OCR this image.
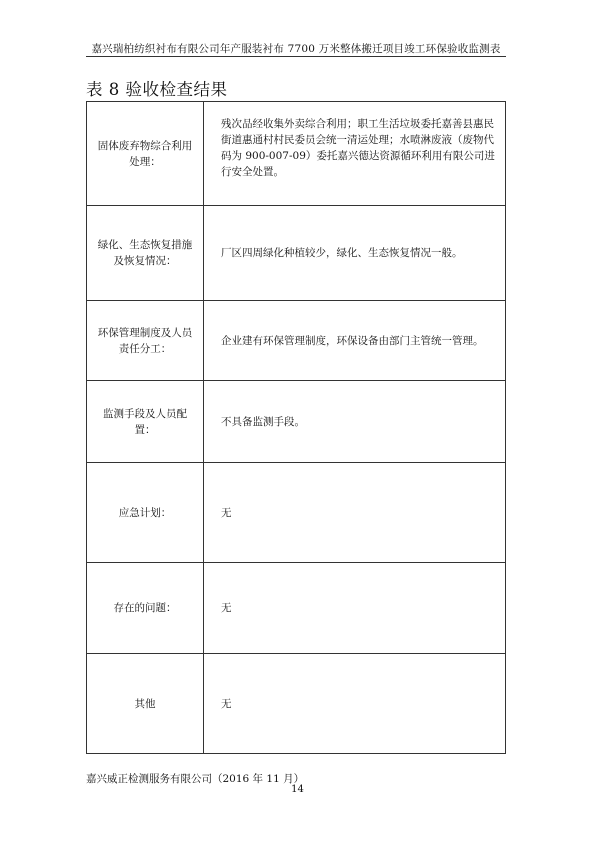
嘉兴瑞柏纺织衬布有限公司年产服装衬布 7700 万米整体搬迁项目竣工环保验收监测表
表 8 验收检查结果
固体废弃物综合利用处理：	残次品经收集外卖综合利用；职工生活垃圾委托嘉善县惠民街道惠通村村民委员会统一清运处理；水喷淋废液（废物代码为 900-007-09）委托嘉兴德达资源循环利用有限公司进行安全处置。
绿化、生态恢复措施及恢复情况：	厂区四周绿化种植较少，绿化、生态恢复情况一般。
环保管理制度及人员责任分工：	企业建有环保管理制度，环保设备由部门主管统一管理。
监测手段及人员配置：	不具备监测手段。
应急计划：	无
存在的问题：	无
其他	无
嘉兴威正检测服务有限公司（2016 年 11 月）
14
